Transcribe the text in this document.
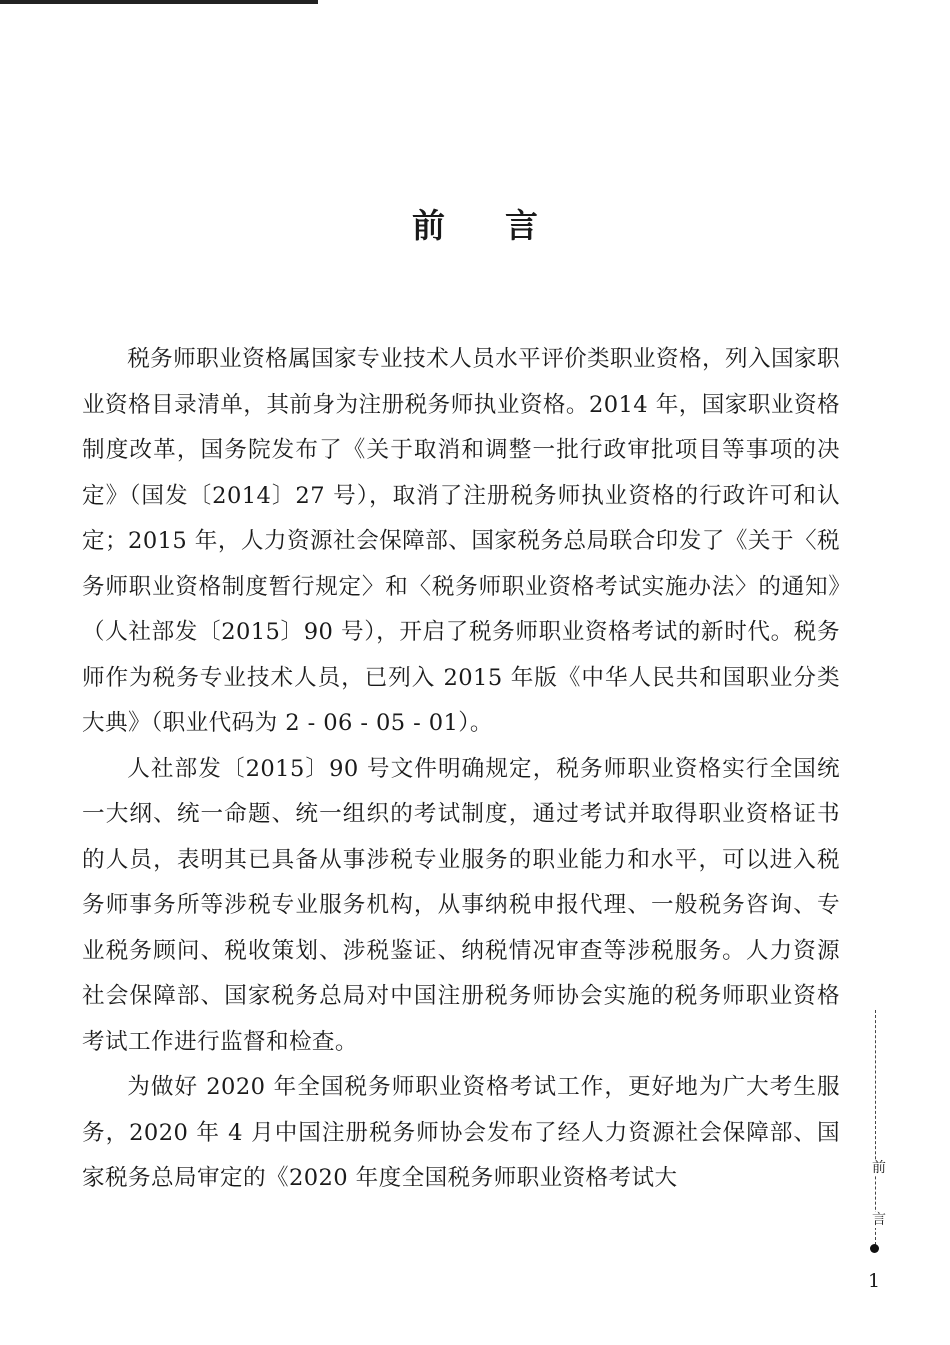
前 言

税务师职业资格属国家专业技术人员水平评价类职业资格，列入国家职业资格目录清单，其前身为注册税务师执业资格。2014 年，国家职业资格制度改革，国务院发布了《关于取消和调整一批行政审批项目等事项的决定》（国发〔2014〕27 号），取消了注册税务师执业资格的行政许可和认定；2015 年，人力资源社会保障部、国家税务总局联合印发了《关于〈税务师职业资格制度暂行规定〉和〈税务师职业资格考试实施办法〉的通知》（人社部发〔2015〕90 号），开启了税务师职业资格考试的新时代。税务师作为税务专业技术人员，已列入 2015 年版《中华人民共和国职业分类大典》（职业代码为 2 - 06 - 05 - 01）。

人社部发〔2015〕90 号文件明确规定，税务师职业资格实行全国统一大纲、统一命题、统一组织的考试制度，通过考试并取得职业资格证书的人员，表明其已具备从事涉税专业服务的职业能力和水平，可以进入税务师事务所等涉税专业服务机构，从事纳税申报代理、一般税务咨询、专业税务顾问、税收策划、涉税鉴证、纳税情况审查等涉税服务。人力资源社会保障部、国家税务总局对中国注册税务师协会实施的税务师职业资格考试工作进行监督和检查。

为做好 2020 年全国税务师职业资格考试工作，更好地为广大考生服务，2020 年 4 月中国注册税务师协会发布了经人力资源社会保障部、国家税务总局审定的《2020 年度全国税务师职业资格考试大	前
言
1
